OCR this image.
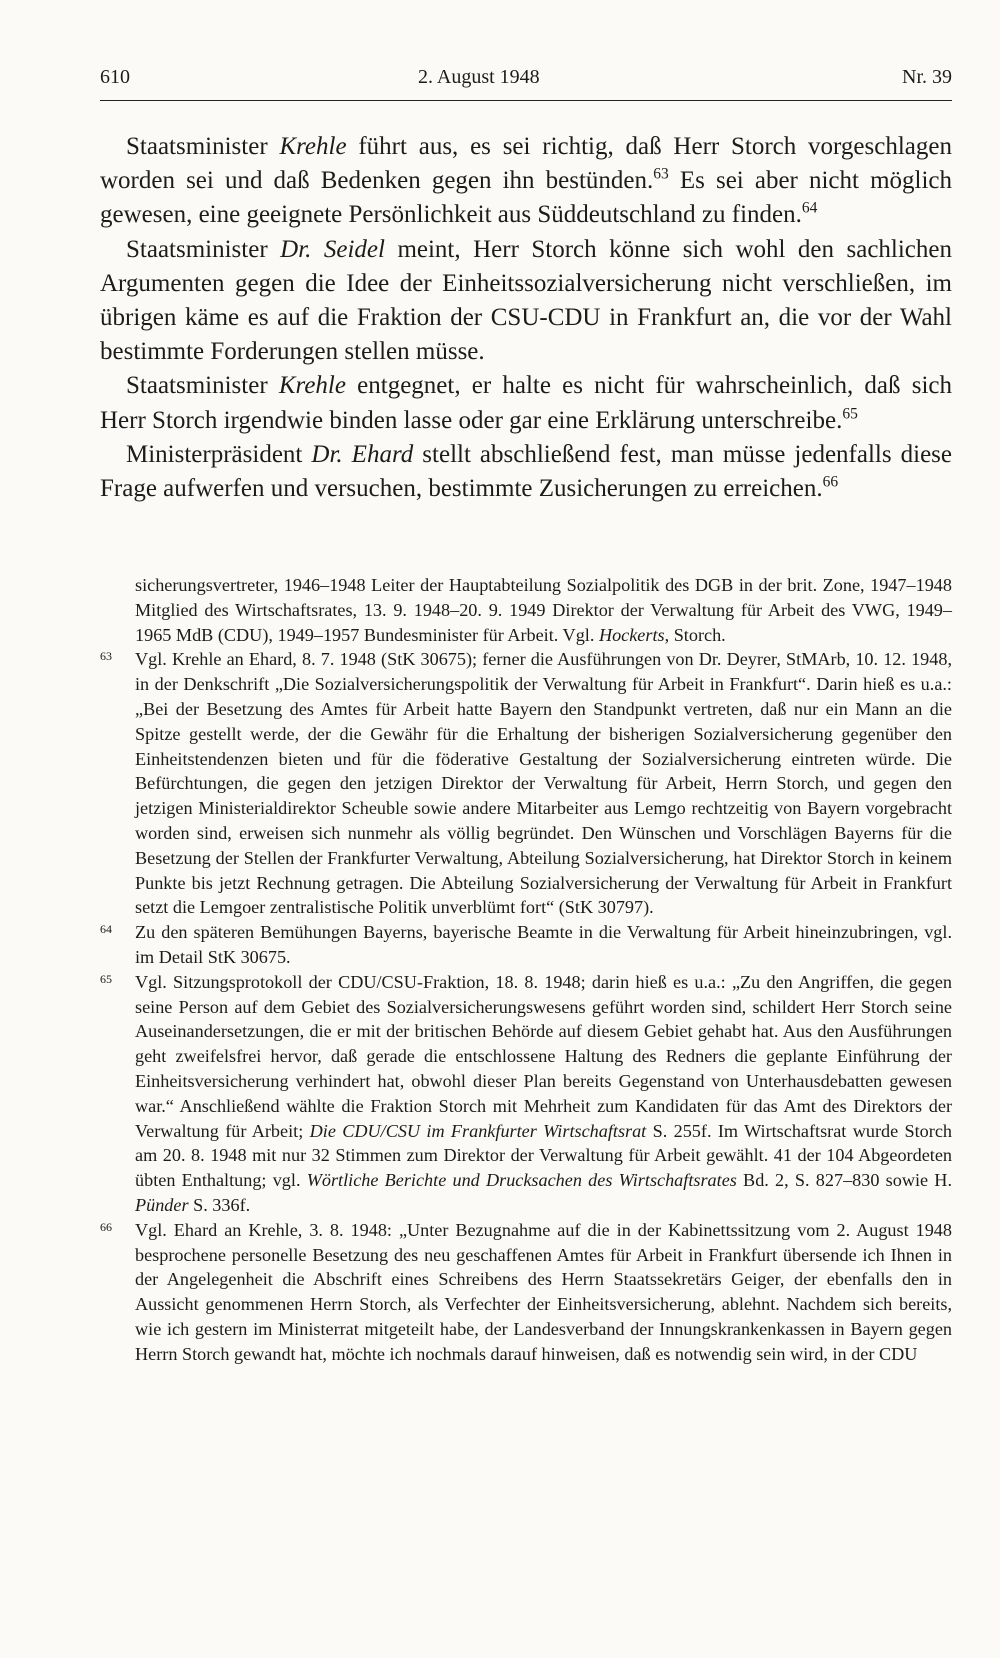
610	2. August 1948	Nr. 39

Staatsminister Krehle führt aus, es sei richtig, daß Herr Storch vorgeschlagen worden sei und daß Bedenken gegen ihn bestünden.$^{63}$ Es sei aber nicht möglich gewesen, eine geeignete Persönlichkeit aus Süddeutschland zu finden.$^{64}$

Staatsminister Dr. Seidel meint, Herr Storch könne sich wohl den sachlichen Argumenten gegen die Idee der Einheitssozialversicherung nicht verschließen, im übrigen käme es auf die Fraktion der CSU-CDU in Frankfurt an, die vor der Wahl bestimmte Forderungen stellen müsse.

Staatsminister Krehle entgegnet, er halte es nicht für wahrscheinlich, daß sich Herr Storch irgendwie binden lasse oder gar eine Erklärung unterschreibe.$^{65}$

Ministerpräsident Dr. Ehard stellt abschließend fest, man müsse jedenfalls diese Frage aufwerfen und versuchen, bestimmte Zusicherungen zu erreichen.$^{66}$

sicherungsvertreter, 1946–1948 Leiter der Hauptabteilung Sozialpolitik des DGB in der brit. Zone, 1947–1948 Mitglied des Wirtschaftsrates, 13. 9. 1948–20. 9. 1949 Direktor der Verwaltung für Arbeit des VWG, 1949–1965 MdB (CDU), 1949–1957 Bundesminister für Arbeit. Vgl. Hockerts, Storch.
63 Vgl. Krehle an Ehard, 8. 7. 1948 (StK 30675); ferner die Ausführungen von Dr. Deyrer, StMArb, 10. 12. 1948, in der Denkschrift „Die Sozialversicherungspolitik der Verwaltung für Arbeit in Frankfurt“. Darin hieß es u.a.: „Bei der Besetzung des Amtes für Arbeit hatte Bayern den Standpunkt vertreten, daß nur ein Mann an die Spitze gestellt werde, der die Gewähr für die Erhaltung der bisherigen Sozialversicherung gegenüber den Einheitstendenzen bieten und für die föderative Gestaltung der Sozialversicherung eintreten würde. Die Befürchtungen, die gegen den jetzigen Direktor der Verwaltung für Arbeit, Herrn Storch, und gegen den jetzigen Ministerialdirektor Scheuble sowie andere Mitarbeiter aus Lemgo rechtzeitig von Bayern vorgebracht worden sind, erweisen sich nunmehr als völlig begründet. Den Wünschen und Vorschlägen Bayerns für die Besetzung der Stellen der Frankfurter Verwaltung, Abteilung Sozialversicherung, hat Direktor Storch in keinem Punkte bis jetzt Rechnung getragen. Die Abteilung Sozialversicherung der Verwaltung für Arbeit in Frankfurt setzt die Lemgoer zentralistische Politik unverblümt fort“ (StK 30797).
64 Zu den späteren Bemühungen Bayerns, bayerische Beamte in die Verwaltung für Arbeit hineinzubringen, vgl. im Detail StK 30675.
65 Vgl. Sitzungsprotokoll der CDU/CSU-Fraktion, 18. 8. 1948; darin hieß es u.a.: „Zu den Angriffen, die gegen seine Person auf dem Gebiet des Sozialversicherungswesens geführt worden sind, schildert Herr Storch seine Auseinandersetzungen, die er mit der britischen Behörde auf diesem Gebiet gehabt hat. Aus den Ausführungen geht zweifelsfrei hervor, daß gerade die entschlossene Haltung des Redners die geplante Einführung der Einheitsversicherung verhindert hat, obwohl dieser Plan bereits Gegenstand von Unterhausdebatten gewesen war.“ Anschließend wählte die Fraktion Storch mit Mehrheit zum Kandidaten für das Amt des Direktors der Verwaltung für Arbeit; Die CDU/CSU im Frankfurter Wirtschaftsrat S. 255f. Im Wirtschaftsrat wurde Storch am 20. 8. 1948 mit nur 32 Stimmen zum Direktor der Verwaltung für Arbeit gewählt. 41 der 104 Abgeordeten übten Enthaltung; vgl. Wörtliche Berichte und Drucksachen des Wirtschaftsrates Bd. 2, S. 827–830 sowie H. Pünder S. 336f.
66 Vgl. Ehard an Krehle, 3. 8. 1948: „Unter Bezugnahme auf die in der Kabinettssitzung vom 2. August 1948 besprochene personelle Besetzung des neu geschaffenen Amtes für Arbeit in Frankfurt übersende ich Ihnen in der Angelegenheit die Abschrift eines Schreibens des Herrn Staatssekretärs Geiger, der ebenfalls den in Aussicht genommenen Herrn Storch, als Verfechter der Einheitsversicherung, ablehnt. Nachdem sich bereits, wie ich gestern im Ministerrat mitgeteilt habe, der Landesverband der Innungskrankenkassen in Bayern gegen Herrn Storch gewandt hat, möchte ich nochmals darauf hinweisen, daß es notwendig sein wird, in der CDU
